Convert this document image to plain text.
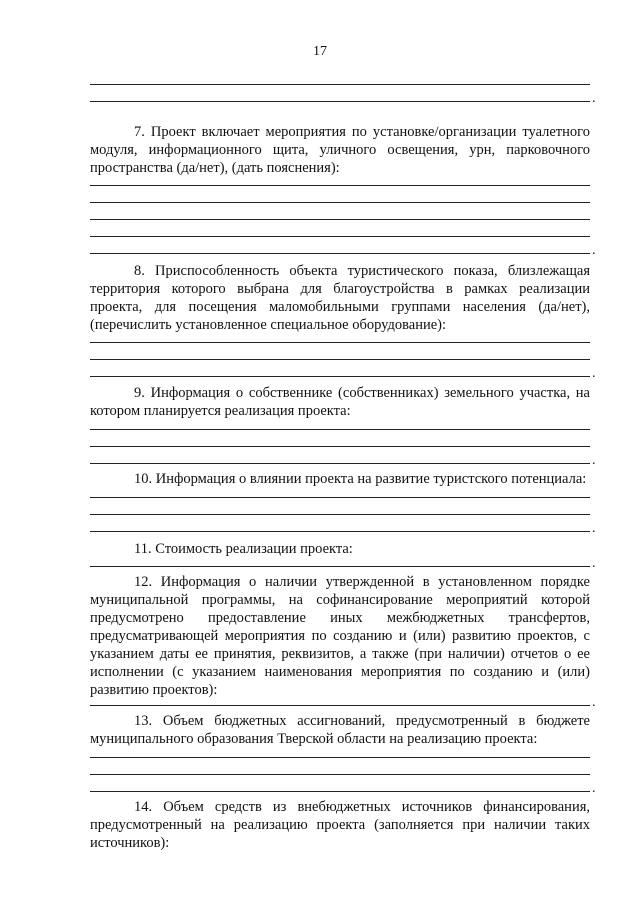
17
.
7. Проект включает мероприятия по установке/организации туалетного модуля, информационного щита, уличного освещения, урн, парковочного пространства (да/нет), (дать пояснения):
.
8. Приспособленность объекта туристического показа, близлежащая территория которого выбрана для благоустройства в рамках реализации проекта, для посещения маломобильными группами населения (да/нет), (перечислить установленное специальное оборудование):
.
9. Информация о собственнике (собственниках) земельного участка, на котором планируется реализация проекта:
.
10. Информация о влиянии проекта на развитие туристского потенциала:
.
11. Стоимость реализации проекта:
.
12. Информация о наличии утвержденной в установленном порядке муниципальной программы, на софинансирование мероприятий которой предусмотрено предоставление иных межбюджетных трансфертов, предусматривающей мероприятия по созданию и (или) развитию проектов, с указанием даты ее принятия, реквизитов, а также (при наличии) отчетов о ее исполнении (с указанием наименования мероприятия по созданию и (или) развитию проектов):
.
13. Объем бюджетных ассигнований, предусмотренный в бюджете муниципального образования Тверской области на реализацию проекта:
.
14. Объем средств из внебюджетных источников финансирования, предусмотренный на реализацию проекта (заполняется при наличии таких источников):
